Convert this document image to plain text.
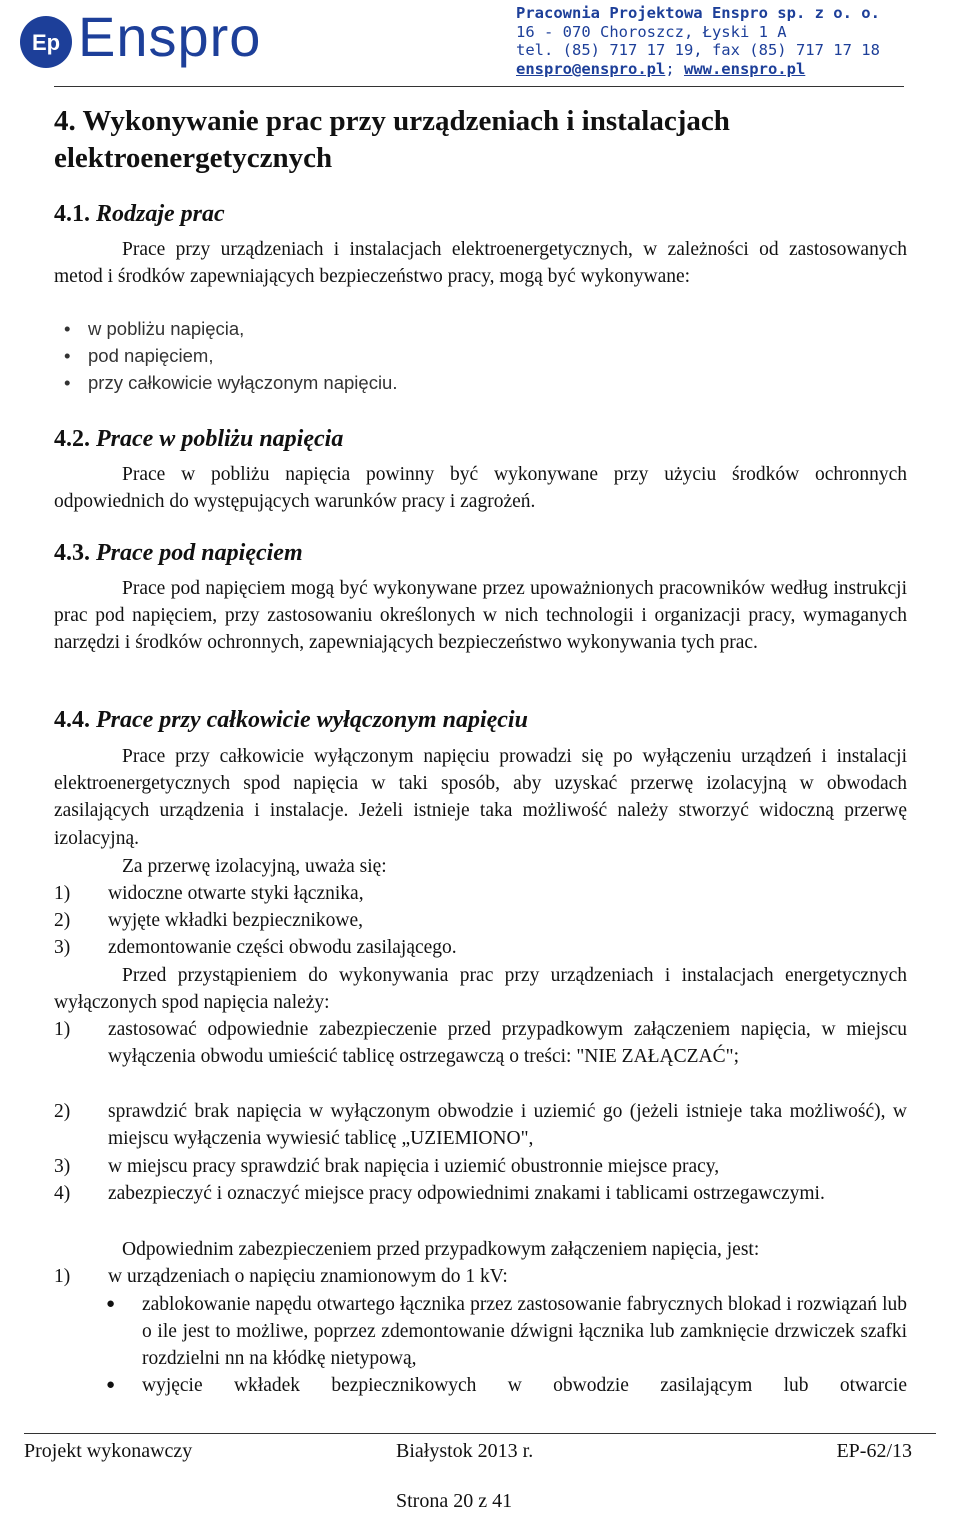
Ep Enspro	Pracownia Projektowa Enspro sp. z o. o.
16 - 070 Choroszcz, Łyski 1 A
tel. (85) 717 17 19, fax (85) 717 17 18
enspro@enspro.pl; www.enspro.pl
4. Wykonywanie prac przy urządzeniach i instalacjach elektroenergetycznych
4.1. Rodzaje prac
Prace przy urządzeniach i instalacjach elektroenergetycznych, w zależności od zastosowanych metod i środków zapewniających bezpieczeństwo pracy, mogą być wykonywane:
• w pobliżu napięcia,
• pod napięciem,
• przy całkowicie wyłączonym napięciu.
4.2. Prace w pobliżu napięcia
Prace w pobliżu napięcia powinny być wykonywane przy użyciu środków ochronnych odpowiednich do występujących warunków pracy i zagrożeń.
4.3. Prace pod napięciem
Prace pod napięciem mogą być wykonywane przez upoważnionych pracowników według instrukcji prac pod napięciem, przy zastosowaniu określonych w nich technologii i organizacji pracy, wymaganych narzędzi i środków ochronnych, zapewniających bezpieczeństwo wykonywania tych prac.
4.4. Prace przy całkowicie wyłączonym napięciu
Prace przy całkowicie wyłączonym napięciu prowadzi się po wyłączeniu urządzeń i instalacji elektroenergetycznych spod napięcia w taki sposób, aby uzyskać przerwę izolacyjną w obwodach zasilających urządzenia i instalacje. Jeżeli istnieje taka możliwość należy stworzyć widoczną przerwę izolacyjną.
Za przerwę izolacyjną, uważa się:
1)	widoczne otwarte styki łącznika,
2)	wyjęte wkładki bezpiecznikowe,
3)	zdemontowanie części obwodu zasilającego.
Przed przystąpieniem do wykonywania prac przy urządzeniach i instalacjach energetycznych wyłączonych spod napięcia należy:
1)	zastosować odpowiednie zabezpieczenie przed przypadkowym załączeniem napięcia, w miejscu wyłączenia obwodu umieścić tablicę ostrzegawczą o treści: "NIE ZAŁĄCZAĆ";
2)	sprawdzić brak napięcia w wyłączonym obwodzie i uziemić go (jeżeli istnieje taka możliwość), w miejscu wyłączenia wywiesić tablicę „UZIEMIONO",
3)	w miejscu pracy sprawdzić brak napięcia i uziemić obustronnie miejsce pracy,
4)	zabezpieczyć i oznaczyć miejsce pracy odpowiednimi znakami i tablicami ostrzegawczymi.
Odpowiednim zabezpieczeniem przed przypadkowym załączeniem napięcia, jest:
1)	w urządzeniach o napięciu znamionowym do 1 kV:
●	zablokowanie napędu otwartego łącznika przez zastosowanie fabrycznych blokad i rozwiązań lub o ile jest to możliwe, poprzez zdemontowanie dźwigni łącznika lub zamknięcie drzwiczek szafki rozdzielni nn na kłódkę nietypową,
●	wyjęcie wkładek bezpiecznikowych w obwodzie zasilającym lub otwarcie
Projekt wykonawczy	Białystok 2013 r.	EP-62/13
Strona 20 z 41
